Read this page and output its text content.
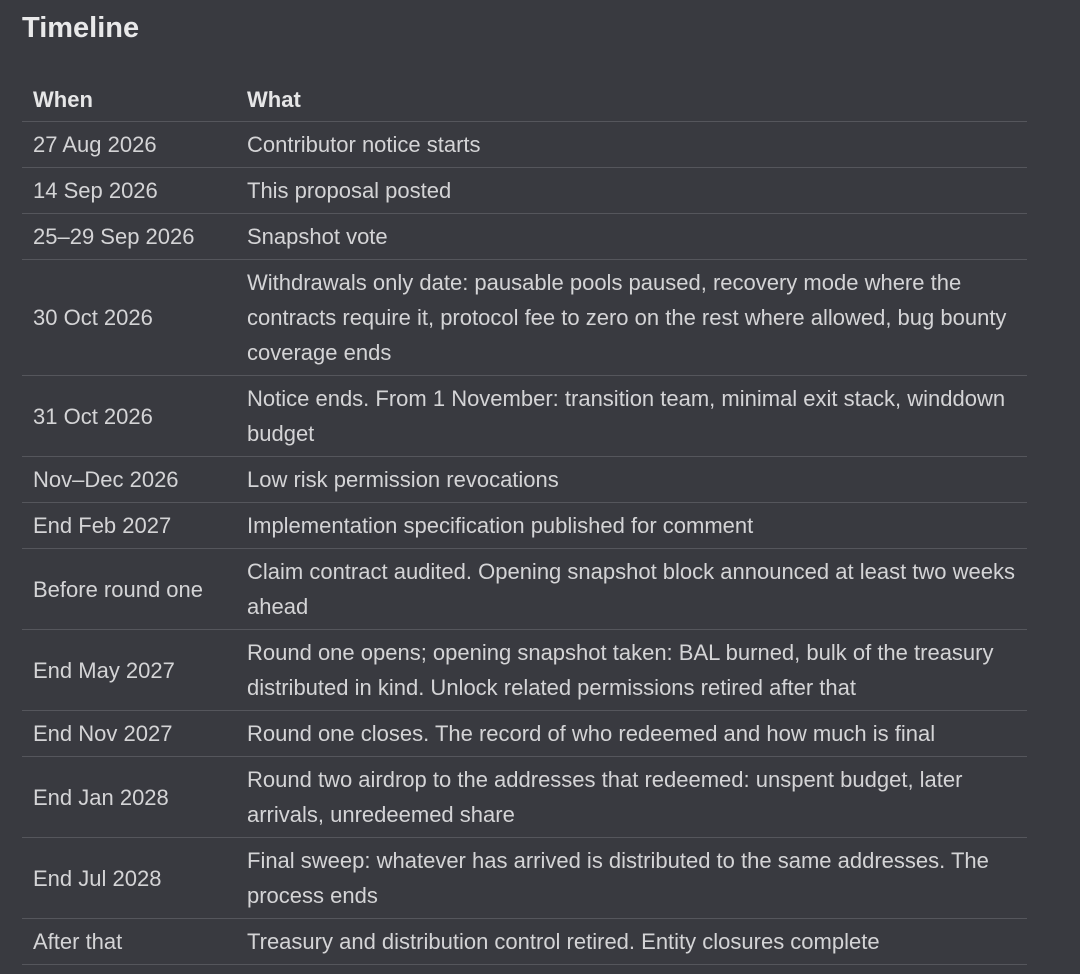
Timeline
When	What
27 Aug 2026	Contributor notice starts
14 Sep 2026	This proposal posted
25–29 Sep 2026	Snapshot vote
30 Oct 2026	Withdrawals only date: pausable pools paused, recovery mode where the contracts require it, protocol fee to zero on the rest where allowed, bug bounty coverage ends
31 Oct 2026	Notice ends. From 1 November: transition team, minimal exit stack, winddown budget
Nov–Dec 2026	Low risk permission revocations
End Feb 2027	Implementation specification published for comment
Before round one	Claim contract audited. Opening snapshot block announced at least two weeks ahead
End May 2027	Round one opens; opening snapshot taken: BAL burned, bulk of the treasury distributed in kind. Unlock related permissions retired after that
End Nov 2027	Round one closes. The record of who redeemed and how much is final
End Jan 2028	Round two airdrop to the addresses that redeemed: unspent budget, later arrivals, unredeemed share
End Jul 2028	Final sweep: whatever has arrived is distributed to the same addresses. The process ends
After that	Treasury and distribution control retired. Entity closures complete
